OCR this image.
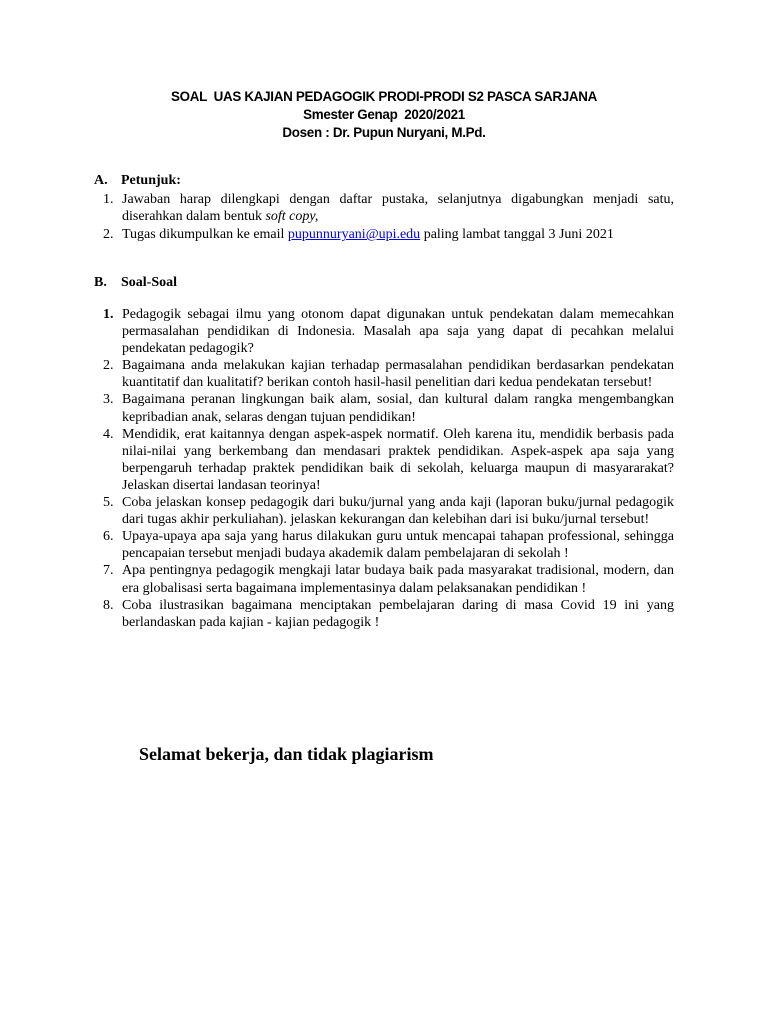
SOAL  UAS KAJIAN PEDAGOGIK PRODI-PRODI S2 PASCA SARJANA
Smester Genap  2020/2021
Dosen : Dr. Pupun Nuryani, M.Pd.
A. Petunjuk:
1. Jawaban harap dilengkapi dengan daftar pustaka, selanjutnya digabungkan menjadi satu, diserahkan dalam bentuk soft copy,
2. Tugas dikumpulkan ke email pupunnuryani@upi.edu paling lambat tanggal 3 Juni 2021
B. Soal-Soal
1. Pedagogik sebagai ilmu yang otonom dapat digunakan untuk pendekatan dalam memecahkan permasalahan pendidikan di Indonesia. Masalah apa saja yang dapat di pecahkan melalui pendekatan pedagogik?
2. Bagaimana anda melakukan kajian terhadap permasalahan pendidikan berdasarkan pendekatan kuantitatif dan kualitatif? berikan contoh hasil-hasil penelitian dari kedua pendekatan tersebut!
3. Bagaimana peranan lingkungan baik alam, sosial, dan kultural dalam rangka mengembangkan kepribadian anak, selaras dengan tujuan pendidikan!
4. Mendidik, erat kaitannya dengan aspek-aspek normatif. Oleh karena itu, mendidik berbasis pada nilai-nilai yang berkembang dan mendasari praktek pendidikan. Aspek-aspek apa saja yang berpengaruh terhadap praktek pendidikan baik di sekolah, keluarga maupun di masyararakat? Jelaskan disertai landasan teorinya!
5. Coba jelaskan konsep pedagogik dari buku/jurnal yang anda kaji (laporan buku/jurnal pedagogik dari tugas akhir perkuliahan). jelaskan kekurangan dan kelebihan dari isi buku/jurnal tersebut!
6. Upaya-upaya apa saja yang harus dilakukan guru untuk mencapai tahapan professional, sehingga pencapaian tersebut menjadi budaya akademik dalam pembelajaran di sekolah !
7. Apa pentingnya pedagogik mengkaji latar budaya baik pada masyarakat tradisional, modern, dan era globalisasi serta bagaimana implementasinya dalam pelaksanakan pendidikan !
8. Coba ilustrasikan bagaimana menciptakan pembelajaran daring di masa Covid 19 ini yang berlandaskan pada kajian - kajian pedagogik !
Selamat bekerja, dan tidak plagiarism
